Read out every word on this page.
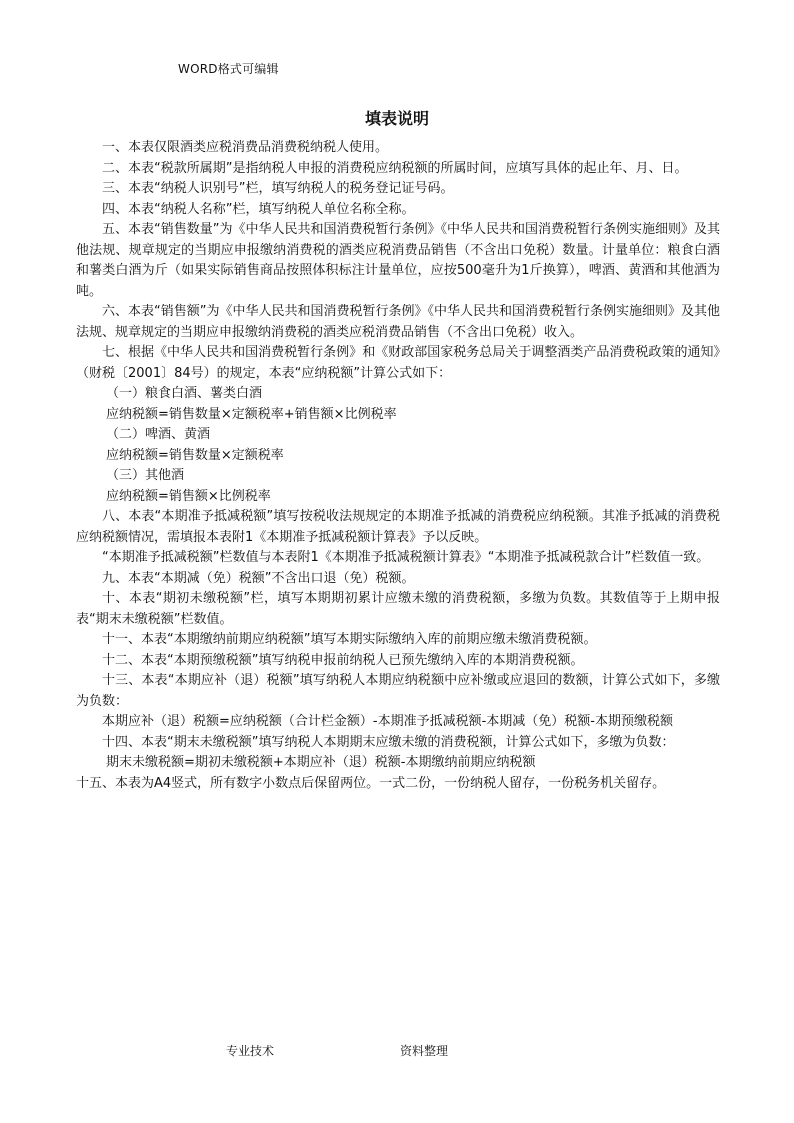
WORD格式可编辑
填表说明

一、本表仅限酒类应税消费品消费税纳税人使用。

二、本表“税款所属期”是指纳税人申报的消费税应纳税额的所属时间，应填写具体的起止年、月、日。

三、本表“纳税人识别号”栏，填写纳税人的税务登记证号码。

四、本表“纳税人名称”栏，填写纳税人单位名称全称。

五、本表“销售数量”为《中华人民共和国消费税暂行条例》《中华人民共和国消费税暂行条例实施细则》及其他法规、规章规定的当期应申报缴纳消费税的酒类应税消费品销售（不含出口免税）数量。计量单位：粮食白酒和薯类白酒为斤（如果实际销售商品按照体积标注计量单位，应按500毫升为1斤换算），啤酒、黄酒和其他酒为吨。

六、本表“销售额”为《中华人民共和国消费税暂行条例》《中华人民共和国消费税暂行条例实施细则》及其他法规、规章规定的当期应申报缴纳消费税的酒类应税消费品销售（不含出口免税）收入。

七、根据《中华人民共和国消费税暂行条例》和《财政部国家税务总局关于调整酒类产品消费税政策的通知》（财税〔2001〕84号）的规定，本表“应纳税额”计算公式如下：

（一）粮食白酒、薯类白酒

应纳税额=销售数量×定额税率+销售额×比例税率

（二）啤酒、黄酒

应纳税额=销售数量×定额税率

（三）其他酒

应纳税额=销售额×比例税率

八、本表“本期准予抵减税额”填写按税收法规规定的本期准予抵减的消费税应纳税额。其准予抵减的消费税应纳税额情况，需填报本表附1《本期准予抵减税额计算表》予以反映。

“本期准予抵减税额”栏数值与本表附1《本期准予抵减税额计算表》“本期准予抵减税款合计”栏数值一致。

九、本表“本期减（免）税额”不含出口退（免）税额。

十、本表“期初未缴税额”栏，填写本期期初累计应缴未缴的消费税额，多缴为负数。其数值等于上期申报表“期末未缴税额”栏数值。

十一、本表“本期缴纳前期应纳税额”填写本期实际缴纳入库的前期应缴未缴消费税额。

十二、本表“本期预缴税额”填写纳税申报前纳税人已预先缴纳入库的本期消费税额。

十三、本表“本期应补（退）税额”填写纳税人本期应纳税额中应补缴或应退回的数额，计算公式如下，多缴为负数：

本期应补（退）税额=应纳税额（合计栏金额）-本期准予抵减税额-本期减（免）税额-本期预缴税额

十四、本表“期末未缴税额”填写纳税人本期期末应缴未缴的消费税额，计算公式如下，多缴为负数：

期末未缴税额=期初未缴税额+本期应补（退）税额-本期缴纳前期应纳税额

十五、本表为A4竖式，所有数字小数点后保留两位。一式二份，一份纳税人留存，一份税务机关留存。

专业技术	资料整理
